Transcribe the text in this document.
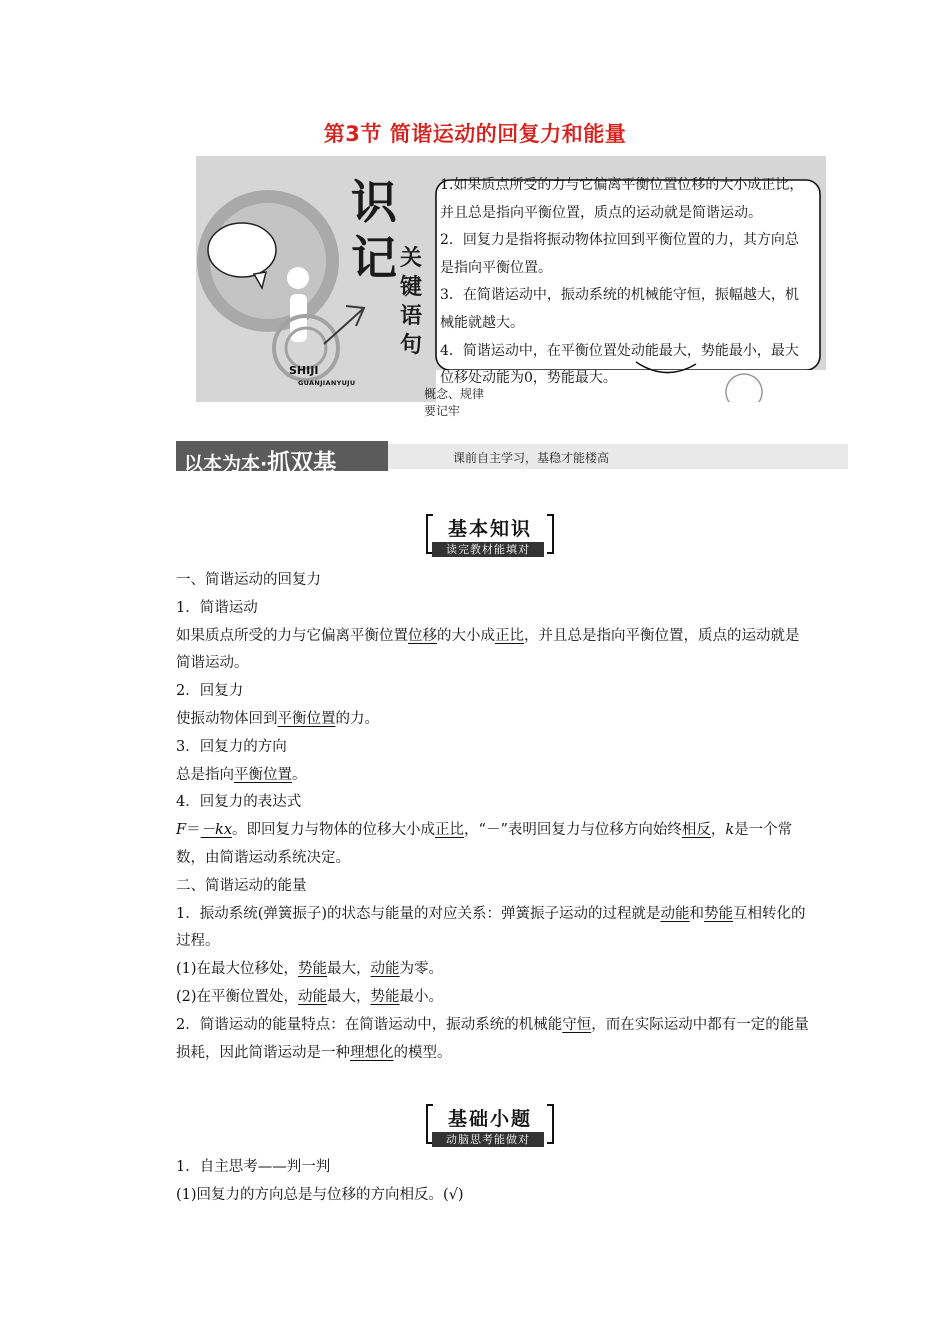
第3节 简谐运动的回复力和能量
概念、规律
要记牢
识
记 关键语句
SHIJI
GUANJIANYUJU

1.如果质点所受的力与它偏离平衡位置位移的大小成正比，并且总是指向平衡位置，质点的运动就是简谐运动。

2．回复力是指将振动物体拉回到平衡位置的力，其方向总是指向平衡位置。

3．在简谐运动中，振动系统的机械能守恒，振幅越大，机械能就越大。

4．简谐运动中，在平衡位置处动能最大，势能最小，最大位移处动能为0，势能最大。

以本为本·抓双基	课前自主学习，基稳才能楼高
基本知识
读完教材能填对

一、简谐运动的回复力

1．简谐运动

如果质点所受的力与它偏离平衡位置位移的大小成正比，并且总是指向平衡位置，质点的运动就是简谐运动。

2．回复力

使振动物体回到平衡位置的力。

3．回复力的方向

总是指向平衡位置。

4．回复力的表达式

F＝－kx。即回复力与物体的位移大小成正比，“－”表明回复力与位移方向始终相反，k是一个常数，由简谐运动系统决定。

二、简谐运动的能量

1．振动系统(弹簧振子)的状态与能量的对应关系：弹簧振子运动的过程就是动能和势能互相转化的过程。

(1)在最大位移处，势能最大，动能为零。

(2)在平衡位置处，动能最大，势能最小。

2．简谐运动的能量特点：在简谐运动中，振动系统的机械能守恒，而在实际运动中都有一定的能量损耗，因此简谐运动是一种理想化的模型。

基础小题
动脑思考能做对

1．自主思考——判一判

(1)回复力的方向总是与位移的方向相反。(√)
